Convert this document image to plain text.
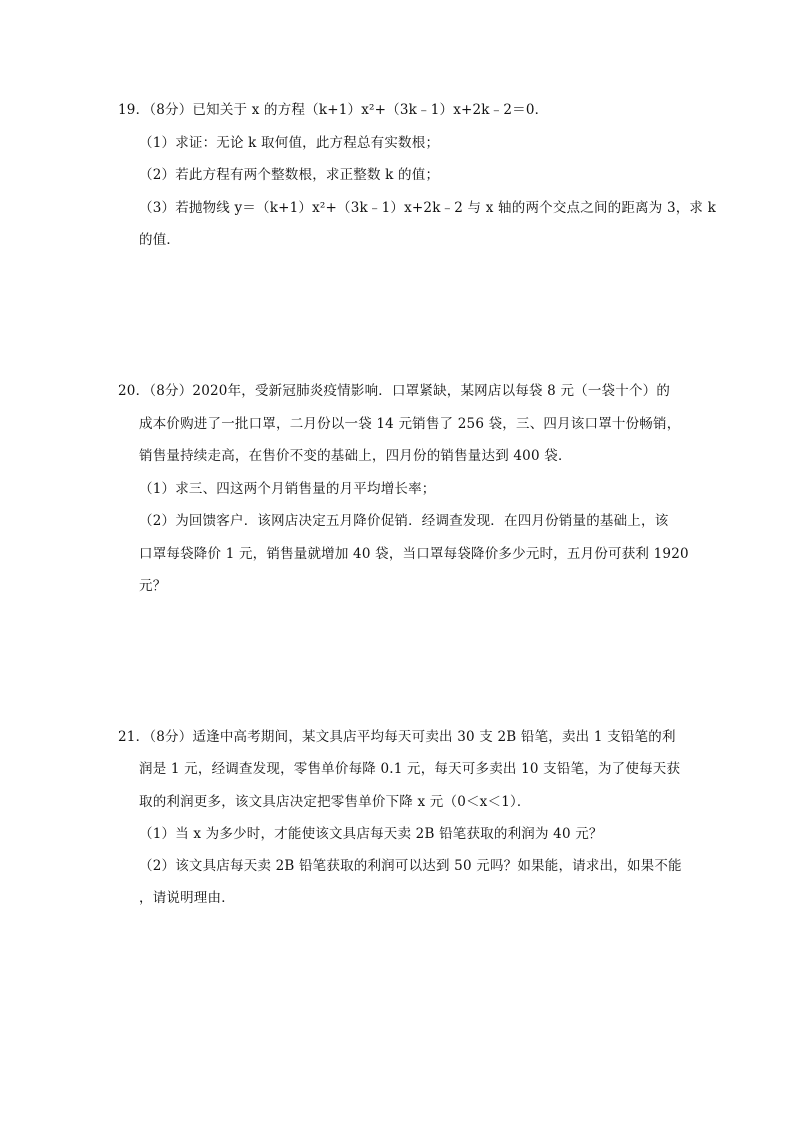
19．（8分）已知关于 x 的方程（k+1）x²+（3k﹣1）x+2k﹣2＝0．
（1）求证：无论 k 取何值，此方程总有实数根；
（2）若此方程有两个整数根，求正整数 k 的值；
（3）若抛物线 y＝（k+1）x²+（3k﹣1）x+2k﹣2 与 x 轴的两个交点之间的距离为 3，求 k
的值．
20．（8分）2020年，受新冠肺炎疫情影响．口罩紧缺，某网店以每袋 8 元（一袋十个）的
成本价购进了一批口罩，二月份以一袋 14 元销售了 256 袋，三、四月该口罩十份畅销，
销售量持续走高，在售价不变的基础上，四月份的销售量达到 400 袋．
（1）求三、四这两个月销售量的月平均增长率；
（2）为回馈客户．该网店决定五月降价促销．经调查发现．在四月份销量的基础上，该
口罩每袋降价 1 元，销售量就增加 40 袋，当口罩每袋降价多少元时，五月份可获利 1920
元？
21．（8分）适逢中高考期间，某文具店平均每天可卖出 30 支 2B 铅笔，卖出 1 支铅笔的利
润是 1 元，经调查发现，零售单价每降 0.1 元，每天可多卖出 10 支铅笔，为了使每天获
取的利润更多，该文具店决定把零售单价下降 x 元（0＜x＜1）．
（1）当 x 为多少时，才能使该文具店每天卖 2B 铅笔获取的利润为 40 元？
（2）该文具店每天卖 2B 铅笔获取的利润可以达到 50 元吗？如果能，请求出，如果不能
，请说明理由．
